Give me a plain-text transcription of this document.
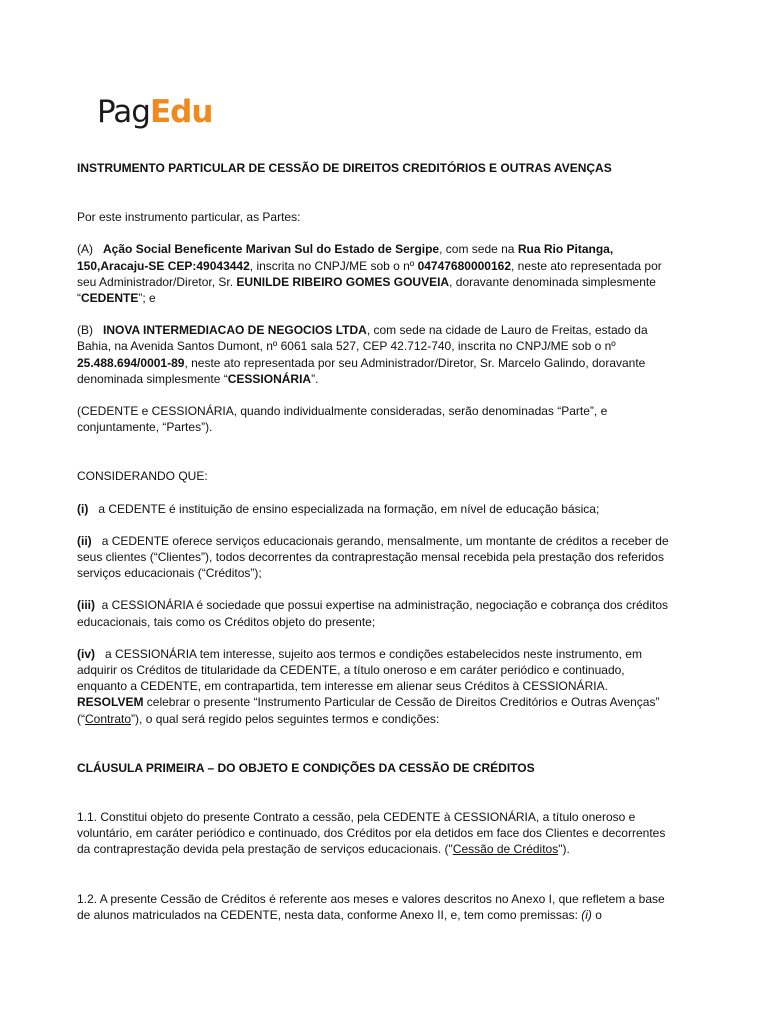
PagEdu

INSTRUMENTO PARTICULAR DE CESSÃO DE DIREITOS CREDITÓRIOS E OUTRAS AVENÇAS

Por este instrumento particular, as Partes:

(A) Ação Social Beneficente Marivan Sul do Estado de Sergipe, com sede na Rua Rio Pitanga, 150,Aracaju-SE CEP:49043442, inscrita no CNPJ/ME sob o nº 04747680000162, neste ato representada por seu Administrador/Diretor, Sr. EUNILDE RIBEIRO GOMES GOUVEIA, doravante denominada simplesmente “CEDENTE”; e

(B) INOVA INTERMEDIACAO DE NEGOCIOS LTDA, com sede na cidade de Lauro de Freitas, estado da Bahia, na Avenida Santos Dumont, nº 6061 sala 527, CEP 42.712-740, inscrita no CNPJ/ME sob o nº 25.488.694/0001-89, neste ato representada por seu Administrador/Diretor, Sr. Marcelo Galindo, doravante denominada simplesmente “CESSIONÁRIA”.

(CEDENTE e CESSIONÁRIA, quando individualmente consideradas, serão denominadas “Parte”, e conjuntamente, “Partes”).

CONSIDERANDO QUE:

(i) a CEDENTE é instituição de ensino especializada na formação, em nível de educação básica;

(ii) a CEDENTE oferece serviços educacionais gerando, mensalmente, um montante de créditos a receber de seus clientes (“Clientes”), todos decorrentes da contraprestação mensal recebida pela prestação dos referidos serviços educacionais (“Créditos”);

(iii) a CESSIONÁRIA é sociedade que possui expertise na administração, negociação e cobrança dos créditos educacionais, tais como os Créditos objeto do presente;

(iv) a CESSIONÁRIA tem interesse, sujeito aos termos e condições estabelecidos neste instrumento, em adquirir os Créditos de titularidade da CEDENTE, a título oneroso e em caráter periódico e continuado, enquanto a CEDENTE, em contrapartida, tem interesse em alienar seus Créditos à CESSIONÁRIA.

RESOLVEM celebrar o presente “Instrumento Particular de Cessão de Direitos Creditórios e Outras Avenças” (“Contrato”), o qual será regido pelos seguintes termos e condições:

CLÁUSULA PRIMEIRA – DO OBJETO E CONDIÇÕES DA CESSÃO DE CRÉDITOS

1.1. Constitui objeto do presente Contrato a cessão, pela CEDENTE à CESSIONÁRIA, a título oneroso e voluntário, em caráter periódico e continuado, dos Créditos por ela detidos em face dos Clientes e decorrentes da contraprestação devida pela prestação de serviços educacionais. ("Cessão de Créditos").

1.2. A presente Cessão de Créditos é referente aos meses e valores descritos no Anexo I, que refletem a base de alunos matriculados na CEDENTE, nesta data, conforme Anexo II, e, tem como premissas: (i) o
